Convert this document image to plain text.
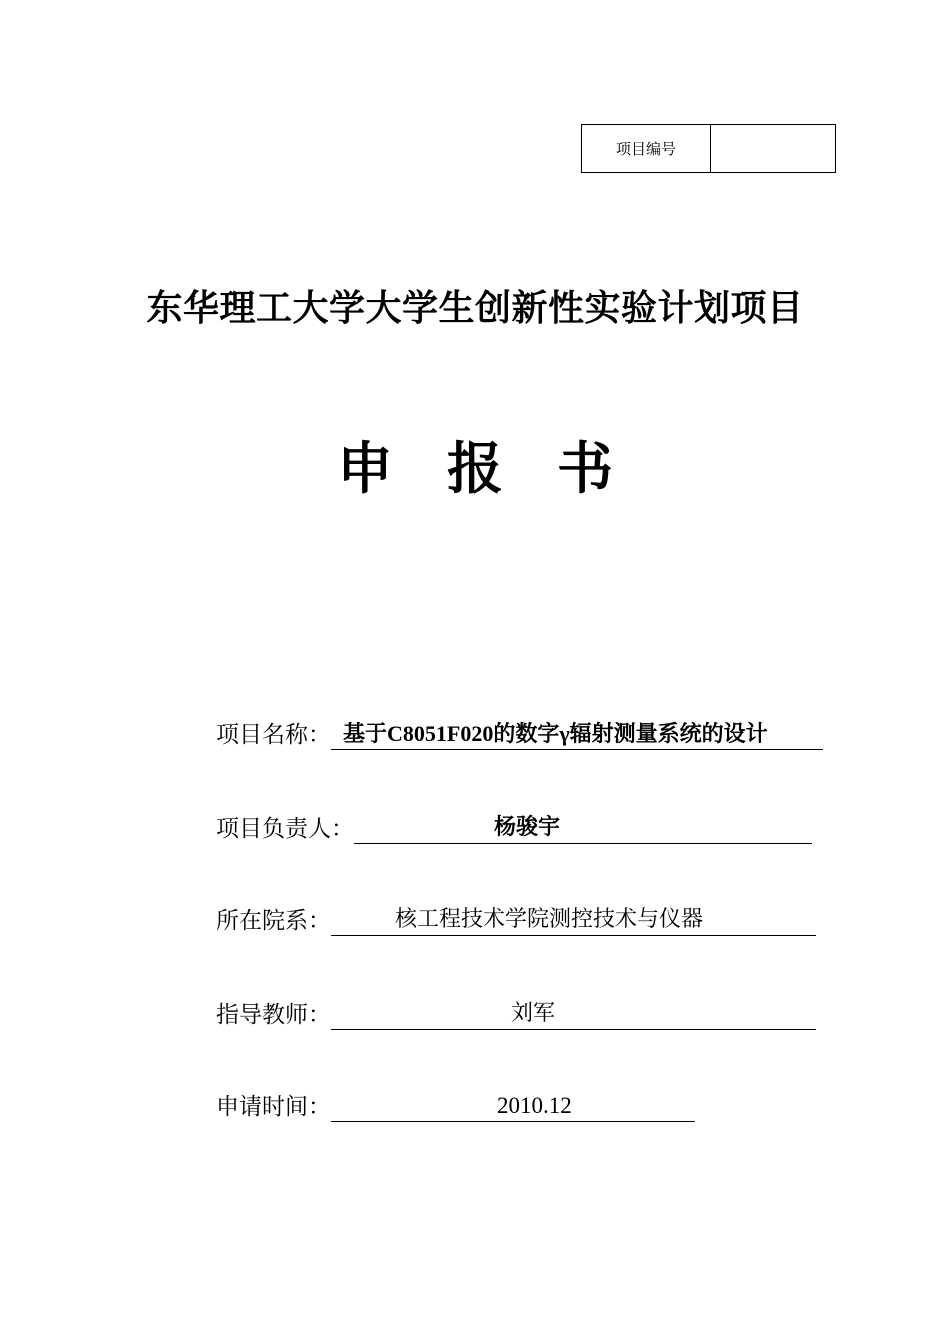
项目编号
东华理工大学大学生创新性实验计划项目
申报书
项目名称： 基于C8051F020的数字γ辐射测量系统的设计
项目负责人：	杨骏宇
所在院系：	核工程技术学院测控技术与仪器
指导教师：	刘军
申请时间：	2010.12
